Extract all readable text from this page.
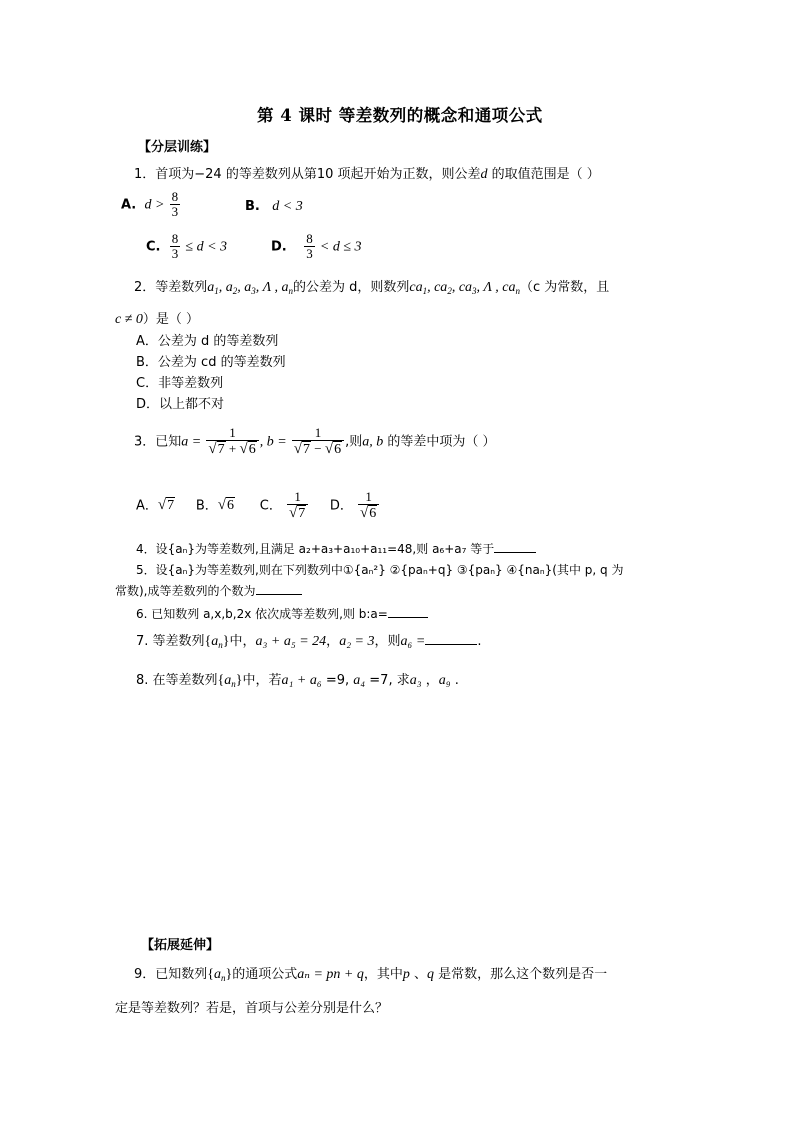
第 4 课时 等差数列的概念和通项公式
【分层训练】
1．首项为−24 的等差数列从第10 项起开始为正数，则公差d 的取值范围是（ ）
A. $d > \frac{8}{3}$	B. d < 3
C. $\frac{8}{3} \le d < 3$	D. $\frac{8}{3} < d \le 3$
2．等差数列$a_1$, $a_2$, $a_3$, Λ , $a_n$的公差为 d，则数列$ca_1$, $ca_2$, $ca_3$, Λ , $ca_n(c$ 为常数，且
c ≠ 0）是（ ）
A．公差为 d 的等差数列
B．公差为 cd 的等差数列
C．非等差数列
D．以上都不对
3．已知$a = \frac{1}{√7 + √6}$ , $b = \frac{1}{√7 - √6}$ ,则a, b 的等差中项为（ ）
A．√7 B．√6 C． $\frac{1}{√7}$ D． $\frac{1}{√6}$
4．设{aₙ}为等差数列,且满足 a₂+a₃+a₁₀+a₁₁=48,则 a₆+a₇ 等于
5．设{aₙ}为等差数列,则在下列数列中①{aₙ²} ②{paₙ+q} ③{paₙ} ④{naₙ}(其中 p, q 为
常数),成等差数列的个数为
6. 已知数列 a,x,b,2x 依次成等差数列,则 b:a=
7. 等差数列$\{a_n\}$中，a₃ + a₅ = 24，a₂ = 3，则a₆ =	.
8. 在等差数列$\{a_n\}$中，若a₁ + a₆ =9, a₄ =7, 求a₃ ，a₉ .
【拓展延伸】
9．已知数列$\{a_n\}$的通项公式aₙ = pn + q，其中p 、q 是常数，那么这个数列是否一
定是等差数列？若是，首项与公差分别是什么？
